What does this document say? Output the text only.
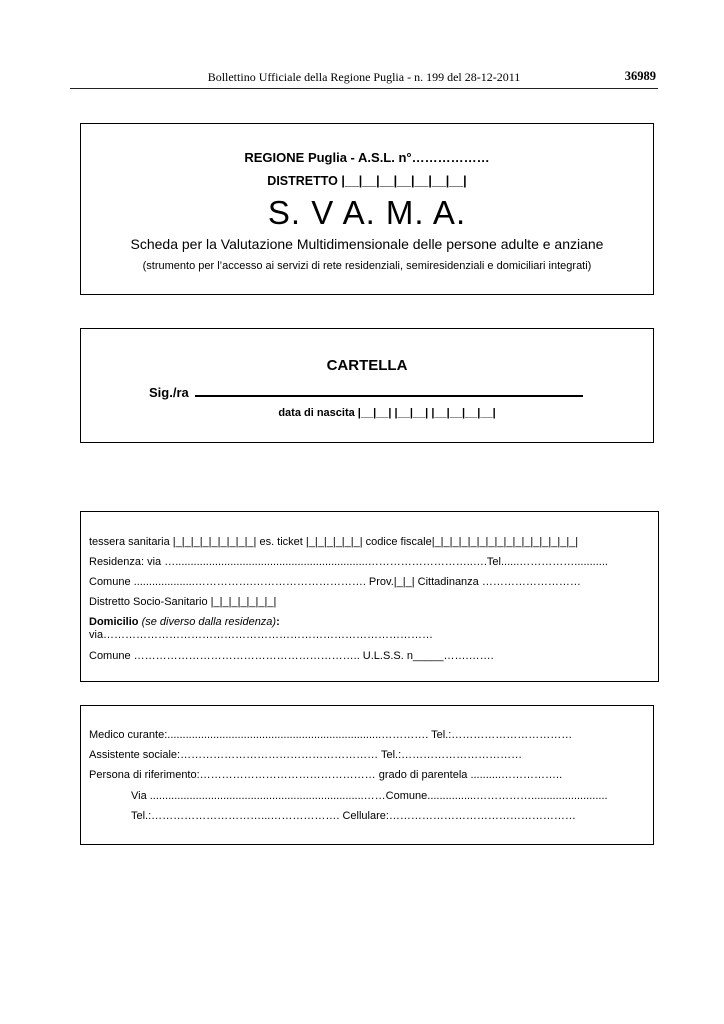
Bollettino Ufficiale della Regione Puglia - n. 199 del 28-12-2011	36989
REGIONE Puglia - A.S.L. n°………………
DISTRETTO |__|__|__|__|__|__|__|
S. V A. M. A.
Scheda per la Valutazione Multidimensionale delle persone adulte e anziane
(strumento per l’accesso ai servizi di rete residenziali, semiresidenziali e domiciliari integrati)
CARTELLA
Sig./ra
data di nascita |__|__| |__|__| |__|__|__|__|
tessera sanitaria |_|_|_|_|_|_|_|_|_| es. ticket |_|_|_|_|_|_| codice fiscale|_|_|_|_|_|_|_|_|_|_|_|_|_|_|_|_|
Residenza: via …...............................................................………………………..….Tel......……………...........
Comune ....................…………….…………………………. Prov.|_|_| Cittadinanza ………………………
Distretto Socio-Sanitario |_|_|_|_|_|_|_|
Domicilio (se diverso dalla residenza):
via………………………………………………………………………………
Comune …………………………………………………….. U.L.S.S. n_____…….…….
Medico curante:......................................................................…………. Tel.:……………………………
Assistente sociale:……………………………………………… Tel.:……………………………
Persona di riferimento:………………………………………… grado di parentela ..........……………..
Via ......................................................................……Comune................…………….........................
Tel.:…………………………...………………. Cellulare:……………………………………………
